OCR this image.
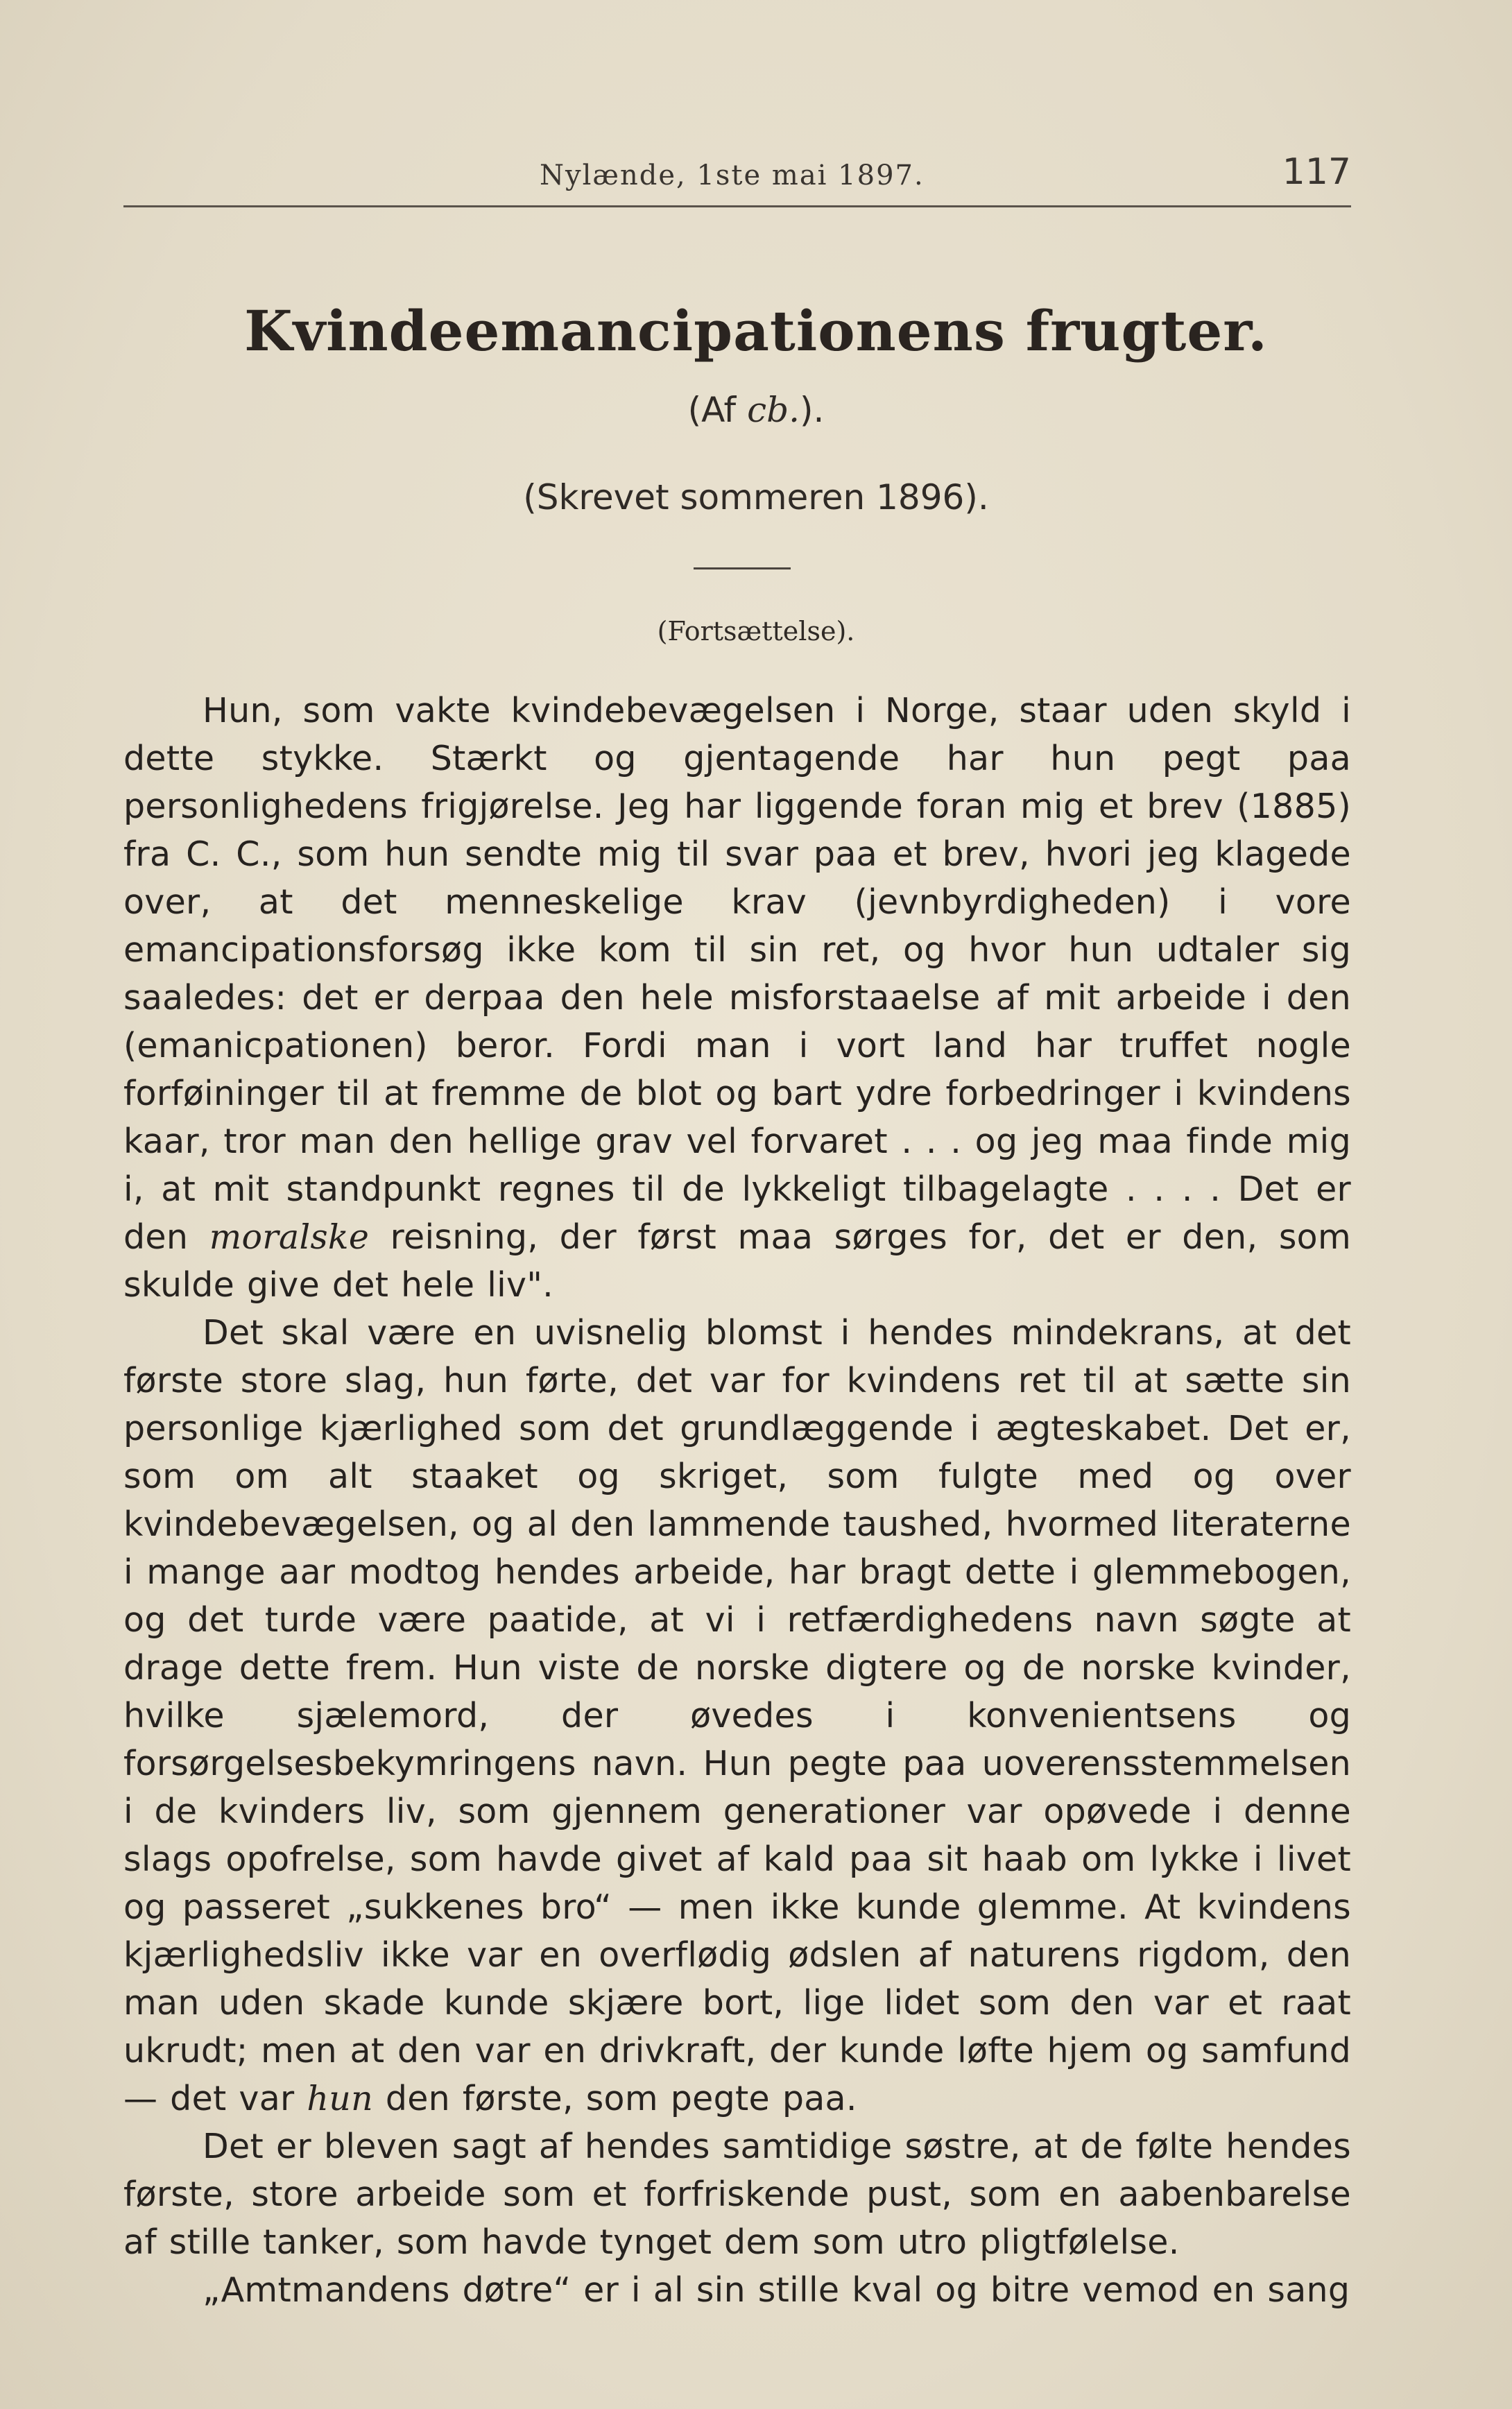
Nylænde, 1ste mai 1897.	117
Kvindeemancipationens frugter.
(Af cb.).
(Skrevet sommeren 1896).
(Fortsættelse).

Hun, som vakte kvindebevægelsen i Norge, staar uden skyld i dette stykke. Stærkt og gjentagende har hun pegt paa personlighedens frigjørelse. Jeg har liggende foran mig et brev (1885) fra C. C., som hun sendte mig til svar paa et brev, hvori jeg klagede over, at det menneskelige krav (jevnbyrdigheden) i vore emancipationsforsøg ikke kom til sin ret, og hvor hun udtaler sig saaledes: det er derpaa den hele misforstaaelse af mit arbeide i den (emanicpationen) beror. Fordi man i vort land har truffet nogle forføininger til at fremme de blot og bart ydre forbedringer i kvindens kaar, tror man den hellige grav vel forvaret . . . og jeg maa finde mig i, at mit standpunkt regnes til de lykkeligt tilbagelagte . . . . Det er den moralske reisning, der først maa sørges for, det er den, som skulde give det hele liv".

Det skal være en uvisnelig blomst i hendes mindekrans, at det første store slag, hun førte, det var for kvindens ret til at sætte sin personlige kjærlighed som det grundlæggende i ægteskabet. Det er, som om alt staaket og skriget, som fulgte med og over kvindebevægelsen, og al den lammende taushed, hvormed literaterne i mange aar modtog hendes arbeide, har bragt dette i glemmebogen, og det turde være paatide, at vi i retfærdighedens navn søgte at drage dette frem. Hun viste de norske digtere og de norske kvinder, hvilke sjælemord, der øvedes i konvenientsens og forsørgelsesbekymringens navn. Hun pegte paa uoverensstemmelsen i de kvinders liv, som gjennem generationer var opøvede i denne slags opofrelse, som havde givet af kald paa sit haab om lykke i livet og passeret „sukkenes bro“ — men ikke kunde glemme. At kvindens kjærlighedsliv ikke var en overflødig ødslen af naturens rigdom, den man uden skade kunde skjære bort, lige lidet som den var et raat ukrudt; men at den var en drivkraft, der kunde løfte hjem og samfund — det var hun den første, som pegte paa.

Det er bleven sagt af hendes samtidige søstre, at de følte hendes første, store arbeide som et forfriskende pust, som en aabenbarelse af stille tanker, som havde tynget dem som utro pligtfølelse.

„Amtmandens døtre“ er i al sin stille kval og bitre vemod en sang
